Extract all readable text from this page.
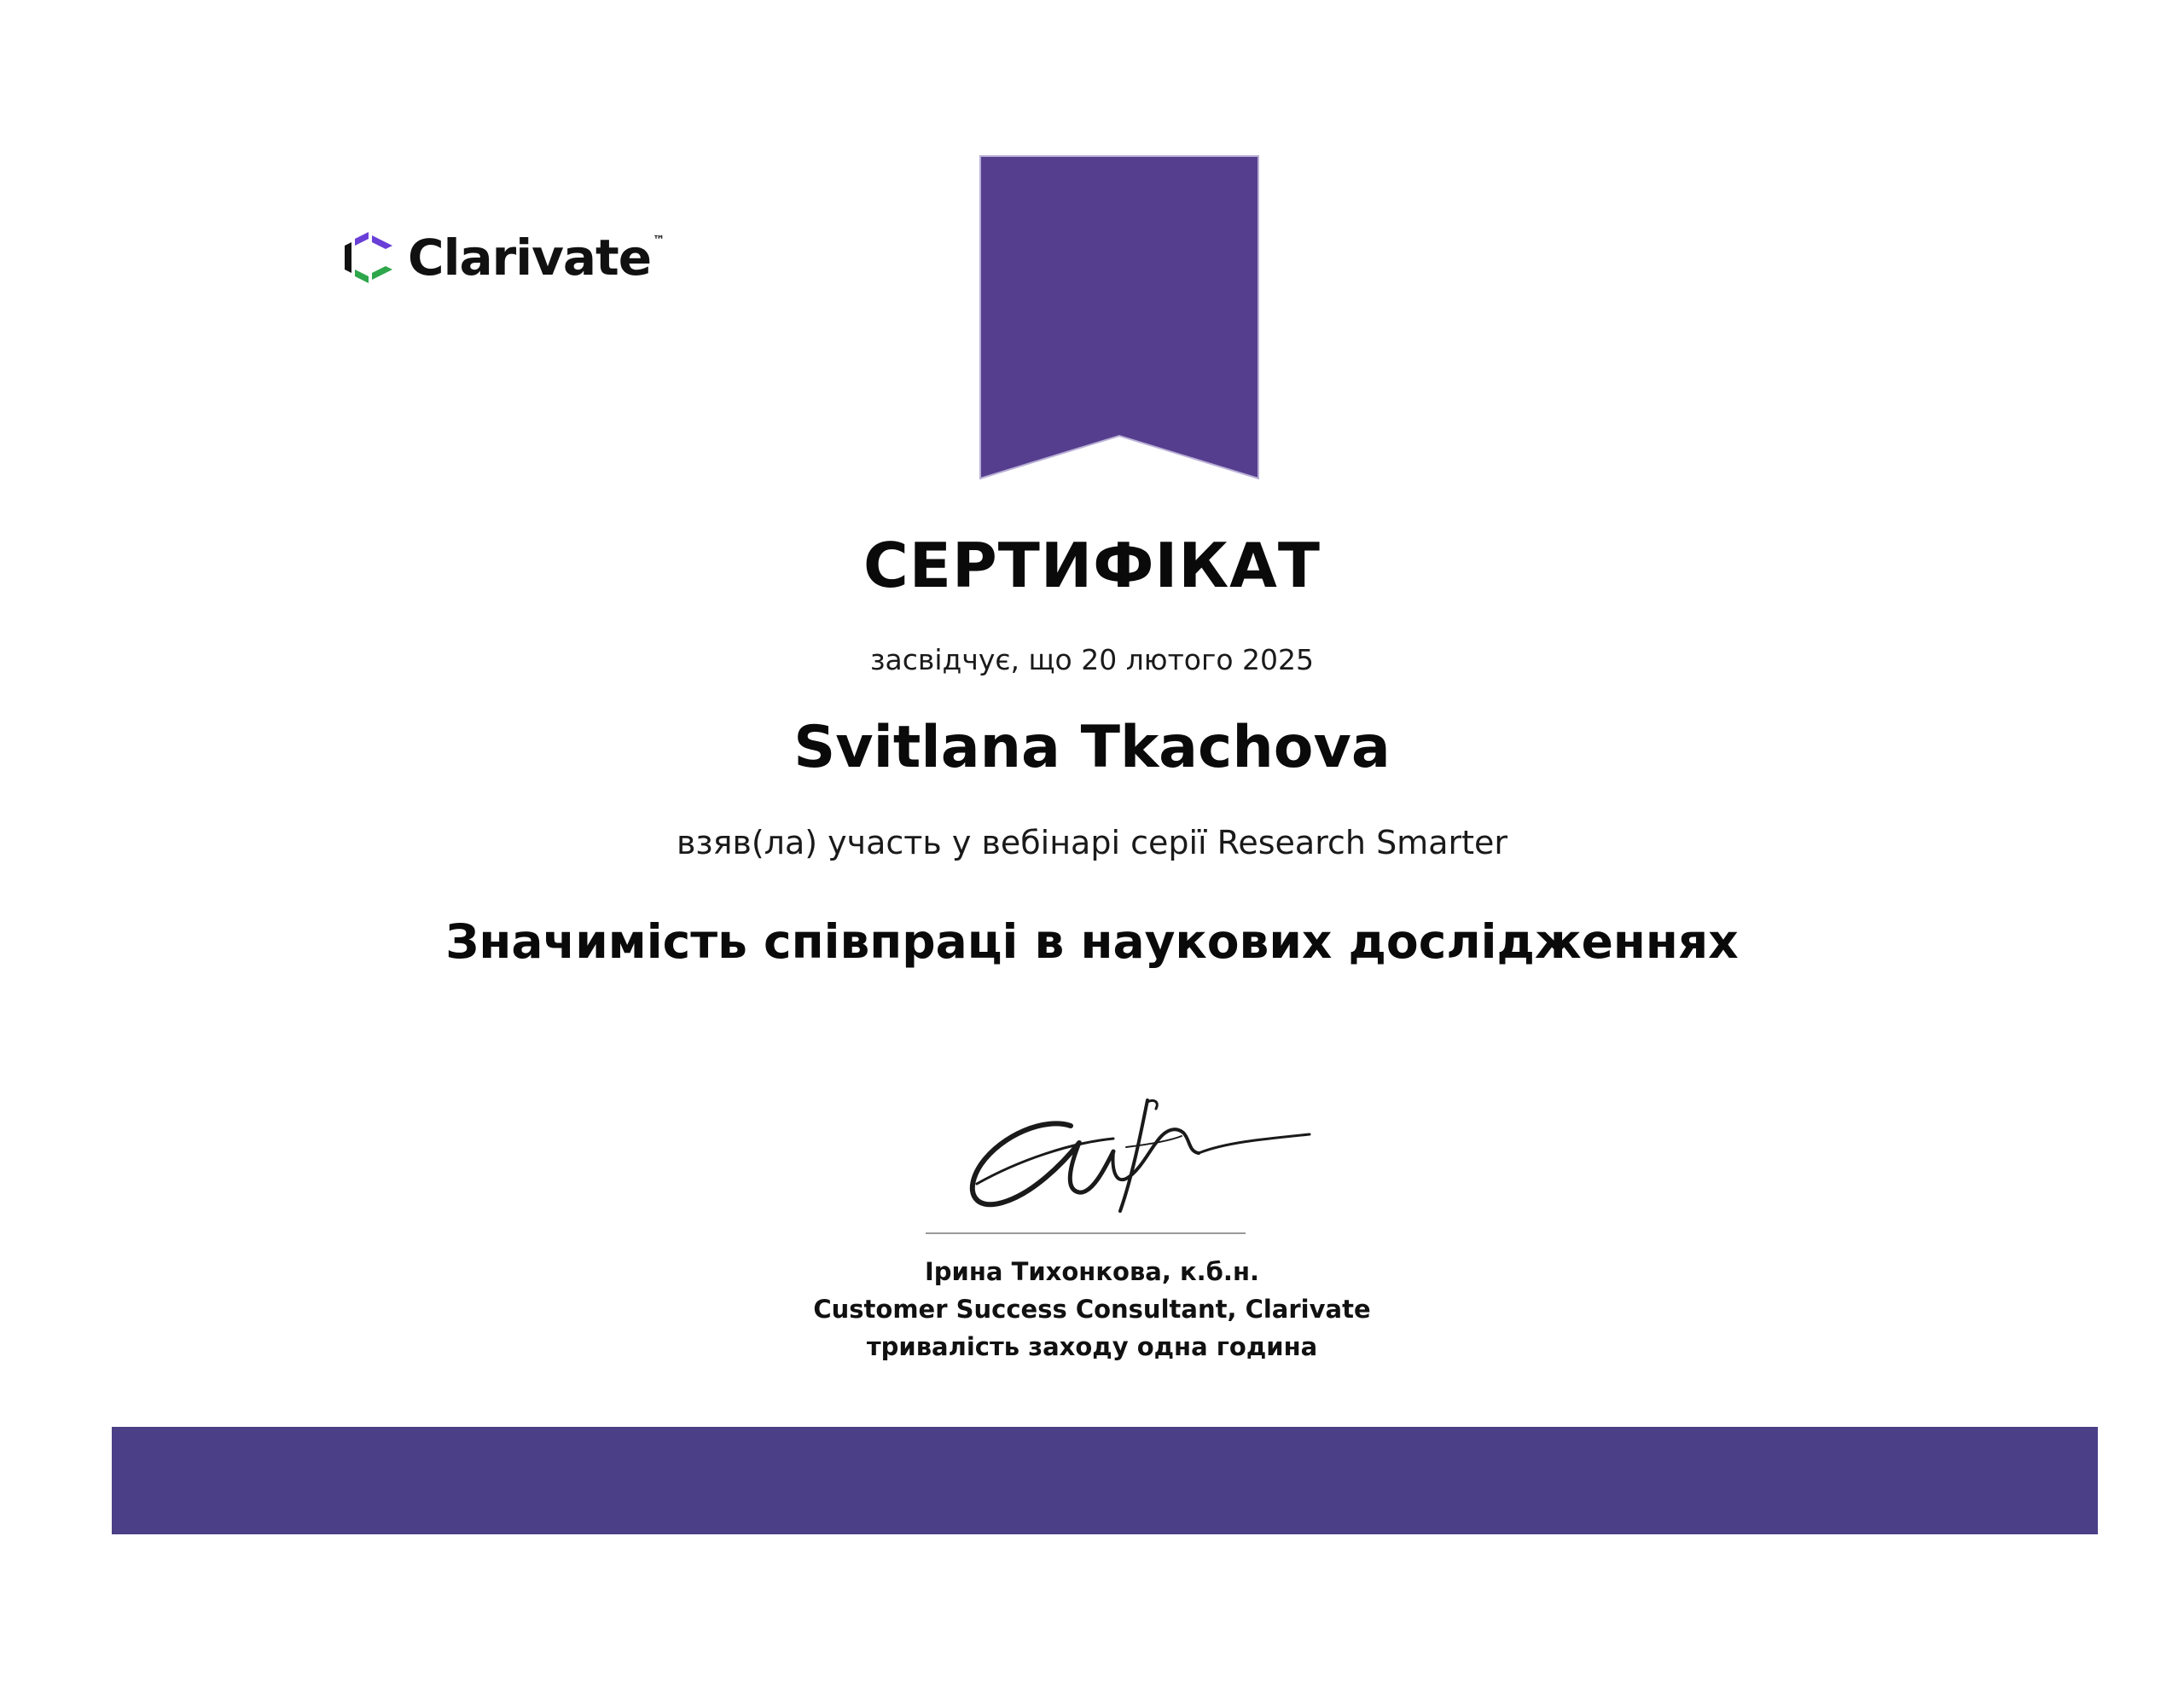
Clarivate ™
СЕРТИФІКАТ
засвідчує, що 20 лютого 2025
Svitlana Tkachova
взяв(ла) участь у вебінарі серії Research Smarter
Значимість співпраці в наукових дослідженнях
Ірина Тихонкова, к.б.н.
Customer Success Consultant, Clarivate
тривалість заходу одна година
